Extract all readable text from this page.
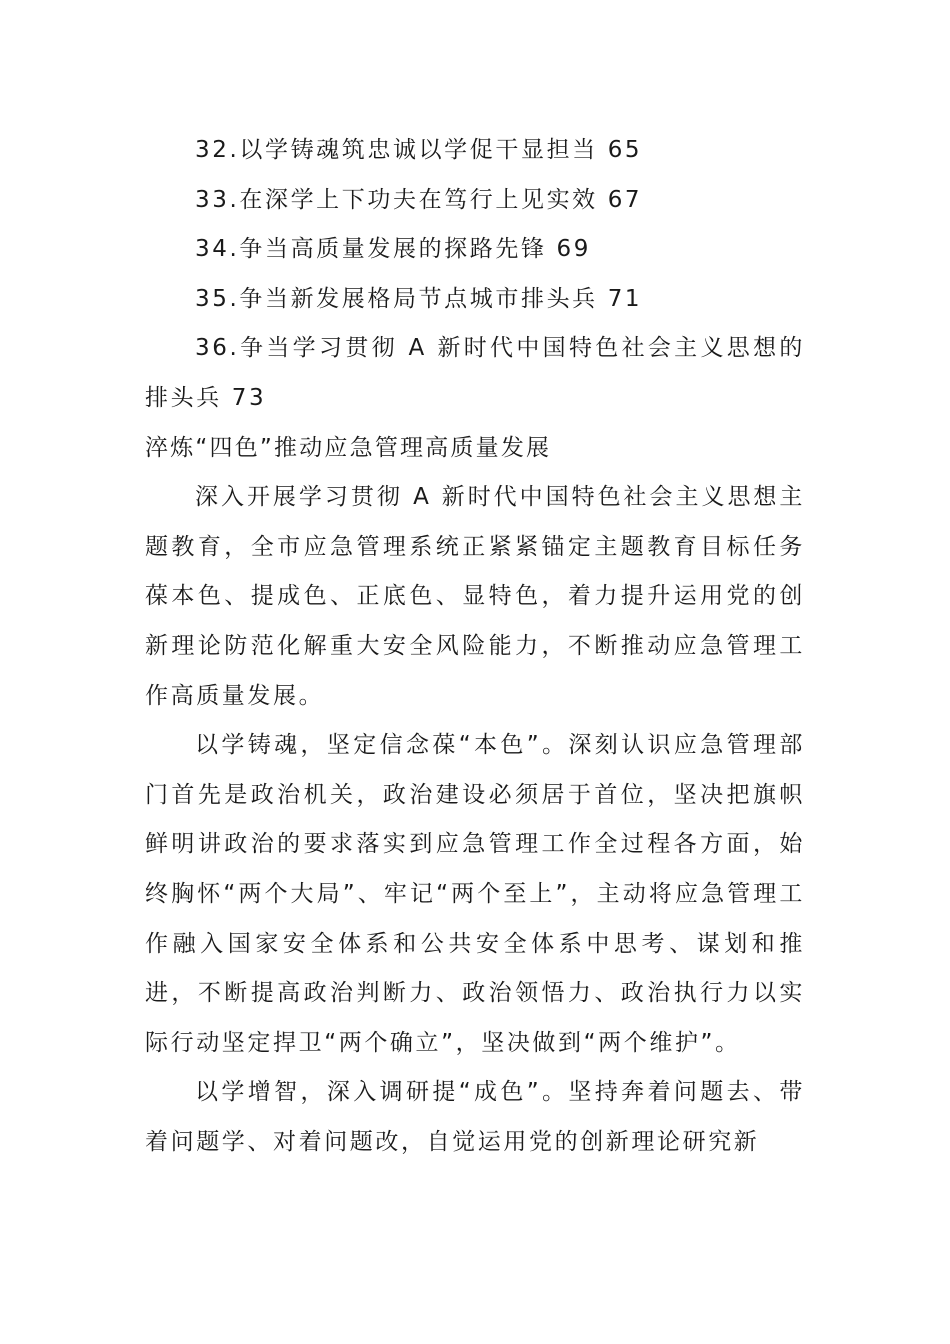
32.以学铸魂筑忠诚以学促干显担当 65

33.在深学上下功夫在笃行上见实效 67

34.争当高质量发展的探路先锋 69

35.争当新发展格局节点城市排头兵 71

36.争当学习贯彻 A 新时代中国特色社会主义思想的排头兵 73

淬炼“四色”推动应急管理高质量发展

深入开展学习贯彻 A 新时代中国特色社会主义思想主题教育，全市应急管理系统正紧紧锚定主题教育目标任务葆本色、提成色、正底色、显特色，着力提升运用党的创新理论防范化解重大安全风险能力，不断推动应急管理工作高质量发展。

以学铸魂，坚定信念葆“本色”。深刻认识应急管理部门首先是政治机关，政治建设必须居于首位，坚决把旗帜鲜明讲政治的要求落实到应急管理工作全过程各方面，始终胸怀“两个大局”、牢记“两个至上”，主动将应急管理工作融入国家安全体系和公共安全体系中思考、谋划和推进，不断提高政治判断力、政治领悟力、政治执行力以实际行动坚定捍卫“两个确立”，坚决做到“两个维护”。

以学增智，深入调研提“成色”。坚持奔着问题去、带着问题学、对着问题改，自觉运用党的创新理论研究新
